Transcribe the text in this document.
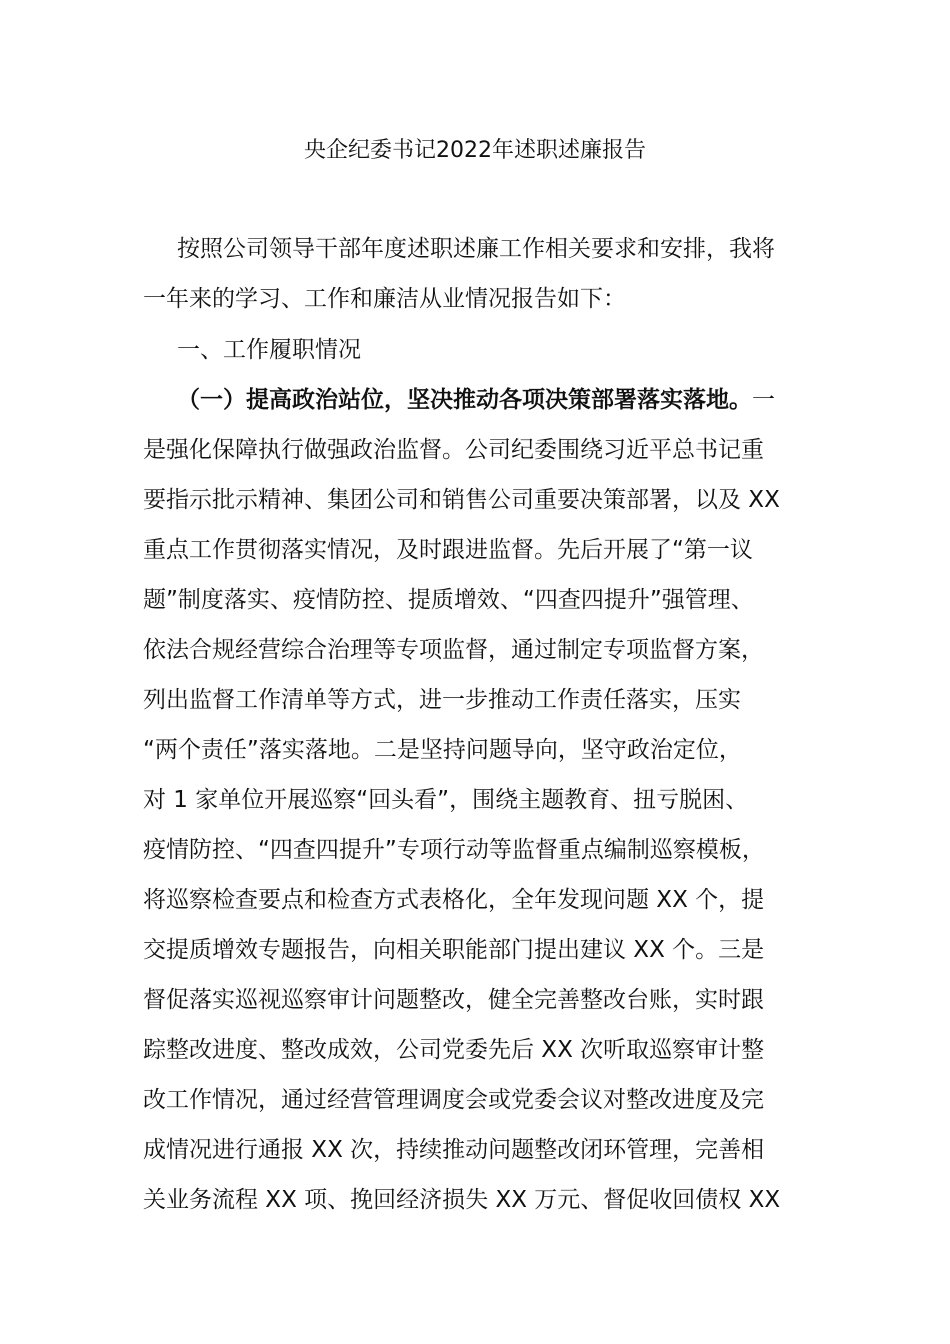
央企纪委书记2022年述职述廉报告

按照公司领导干部年度述职述廉工作相关要求和安排，我将

一年来的学习、工作和廉洁从业情况报告如下：

一、工作履职情况

（一）提高政治站位，坚决推动各项决策部署落实落地。一

是强化保障执行做强政治监督。公司纪委围绕习近平总书记重

要指示批示精神、集团公司和销售公司重要决策部署，以及 XX

重点工作贯彻落实情况，及时跟进监督。先后开展了“第一议

题”制度落实、疫情防控、提质增效、“四查四提升”强管理、

依法合规经营综合治理等专项监督，通过制定专项监督方案，

列出监督工作清单等方式，进一步推动工作责任落实，压实

“两个责任”落实落地。二是坚持问题导向，坚守政治定位，

对 1 家单位开展巡察“回头看”，围绕主题教育、扭亏脱困、

疫情防控、“四查四提升”专项行动等监督重点编制巡察模板，

将巡察检查要点和检查方式表格化，全年发现问题 XX 个，提

交提质增效专题报告，向相关职能部门提出建议 XX 个。三是

督促落实巡视巡察审计问题整改，健全完善整改台账，实时跟

踪整改进度、整改成效，公司党委先后 XX 次听取巡察审计整

改工作情况，通过经营管理调度会或党委会议对整改进度及完

成情况进行通报 XX 次，持续推动问题整改闭环管理，完善相

关业务流程 XX 项、挽回经济损失 XX 万元、督促收回债权 XX
